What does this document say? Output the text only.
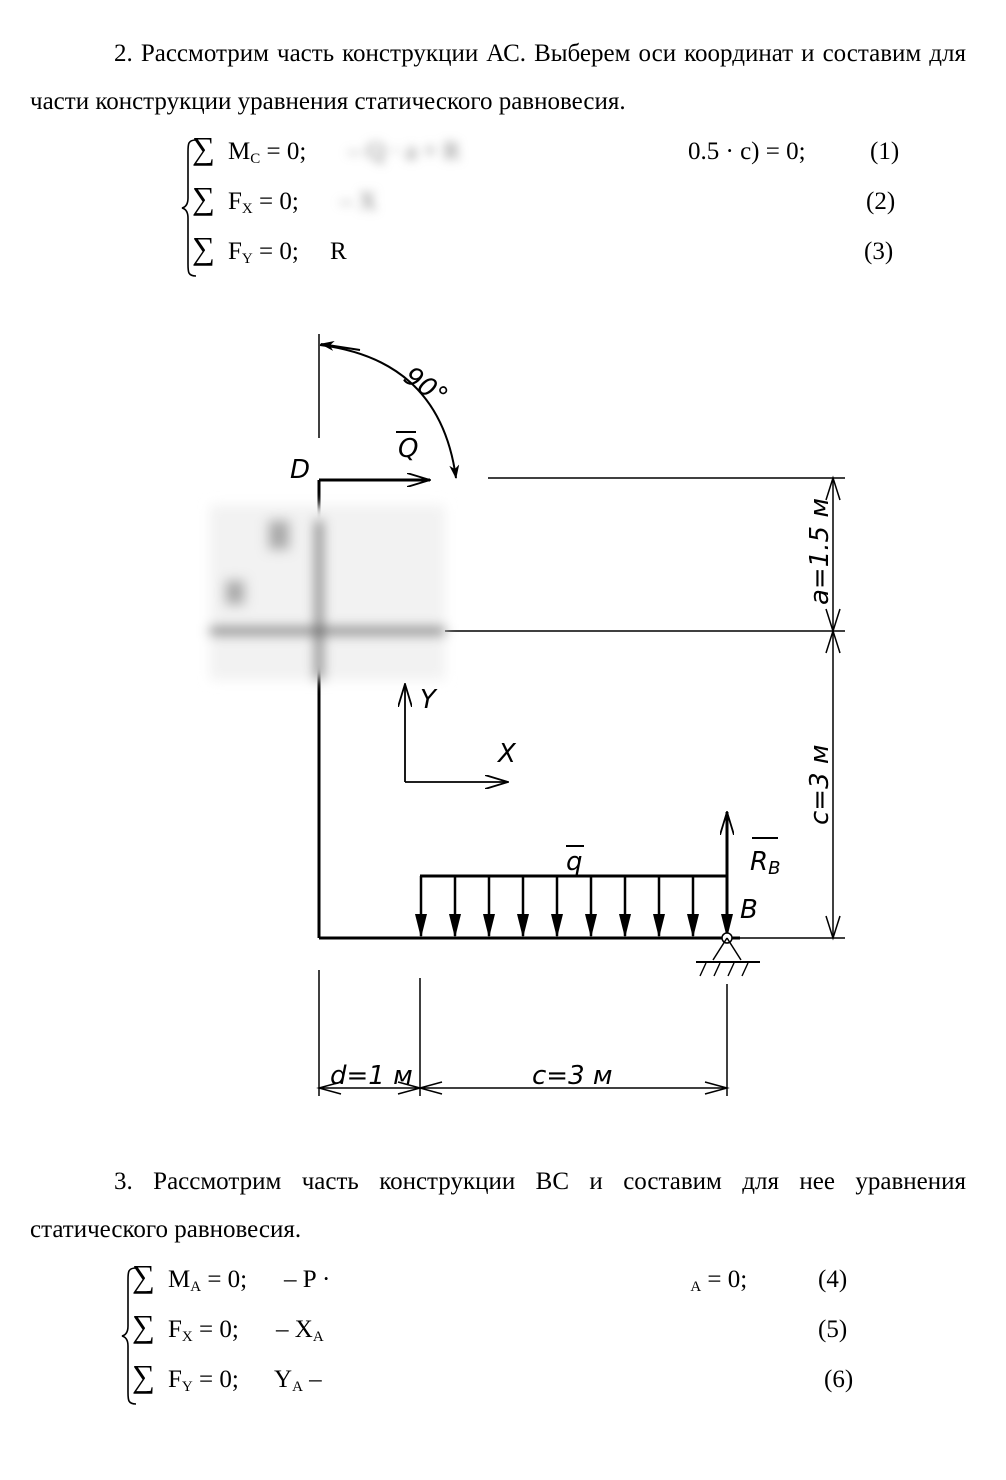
2. Рассмотрим часть конструкции АС. Выберем оси координат и составим для части конструкции уравнения статического равновесия.
∑ $M_C = 0$; – Q · a + R	0.5 · c) = 0;	(1)
∑ $F_X = 0$; – X	(2)
∑ $F_Y = 0$; R	(3)
90°
Q
D
a=1.5 м
c=3 м
Y
X
q	RB
B
d=1 м	c=3 м
3. Рассмотрим часть конструкции ВС и составим для нее уравнения статического равновесия.
∑ $M_A = 0$; – P ·	$_A$ = 0;	(4)
∑ $F_X = 0$; – $X_A$	(5)
∑ $F_Y = 0$; $Y_A$ –	(6)
